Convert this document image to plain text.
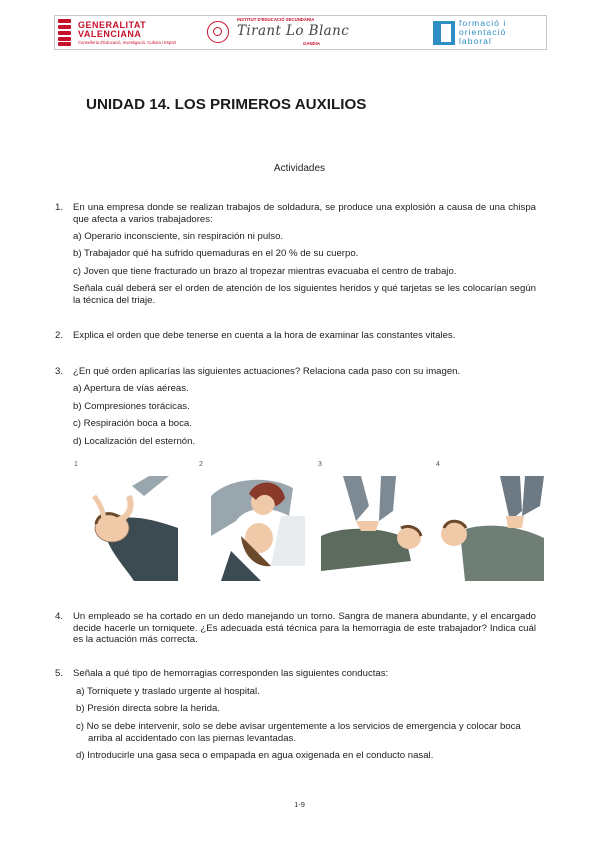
GENERALITAT
VALENCIANA
Conselleria d'Educació, Investigació, Cultura i Esport
INSTITUT D'EDUCACIÓ SECUNDÀRIA
Tirant Lo Blanc
GANDIA
formació i
orientació
laboral
UNIDAD 14. LOS PRIMEROS AUXILIOS
Actividades
1. En una empresa donde se realizan trabajos de soldadura, se produce una explosión a causa de una chispa que afecta a varios trabajadores:
a) Operario inconsciente, sin respiración ni pulso.
b) Trabajador qué ha sufrido quemaduras en el 20 % de su cuerpo.
c) Joven que tiene fracturado un brazo al tropezar mientras evacuaba el centro de trabajo.
Señala cuál deberá ser el orden de atención de los siguientes heridos y qué tarjetas se les colocarían según la técnica del triaje.
2. Explica el orden que debe tenerse en cuenta a la hora de examinar las constantes vitales.
3. ¿En qué orden aplicarías las siguientes actuaciones? Relaciona cada paso con su imagen.
a) Apertura de vías aéreas.
b) Compresiones torácicas.
c) Respiración boca a boca.
d) Localización del esternón.
1	2	3	4
4. Un empleado se ha cortado en un dedo manejando un torno. Sangra de manera abundante, y el encargado decide hacerle un torniquete. ¿Es adecuada está técnica para la hemorragia de este trabajador? Indica cuál es la actuación más correcta.
5. Señala a qué tipo de hemorragias corresponden las siguientes conductas:
a) Torniquete y traslado urgente al hospital.
b) Presión directa sobre la herida.
c) No se debe intervenir, solo se debe avisar urgentemente a los servicios de emergencia y colocar boca arriba al accidentado con las piernas levantadas.
d) Introducirle una gasa seca o empapada en agua oxigenada en el conducto nasal.
1-9
